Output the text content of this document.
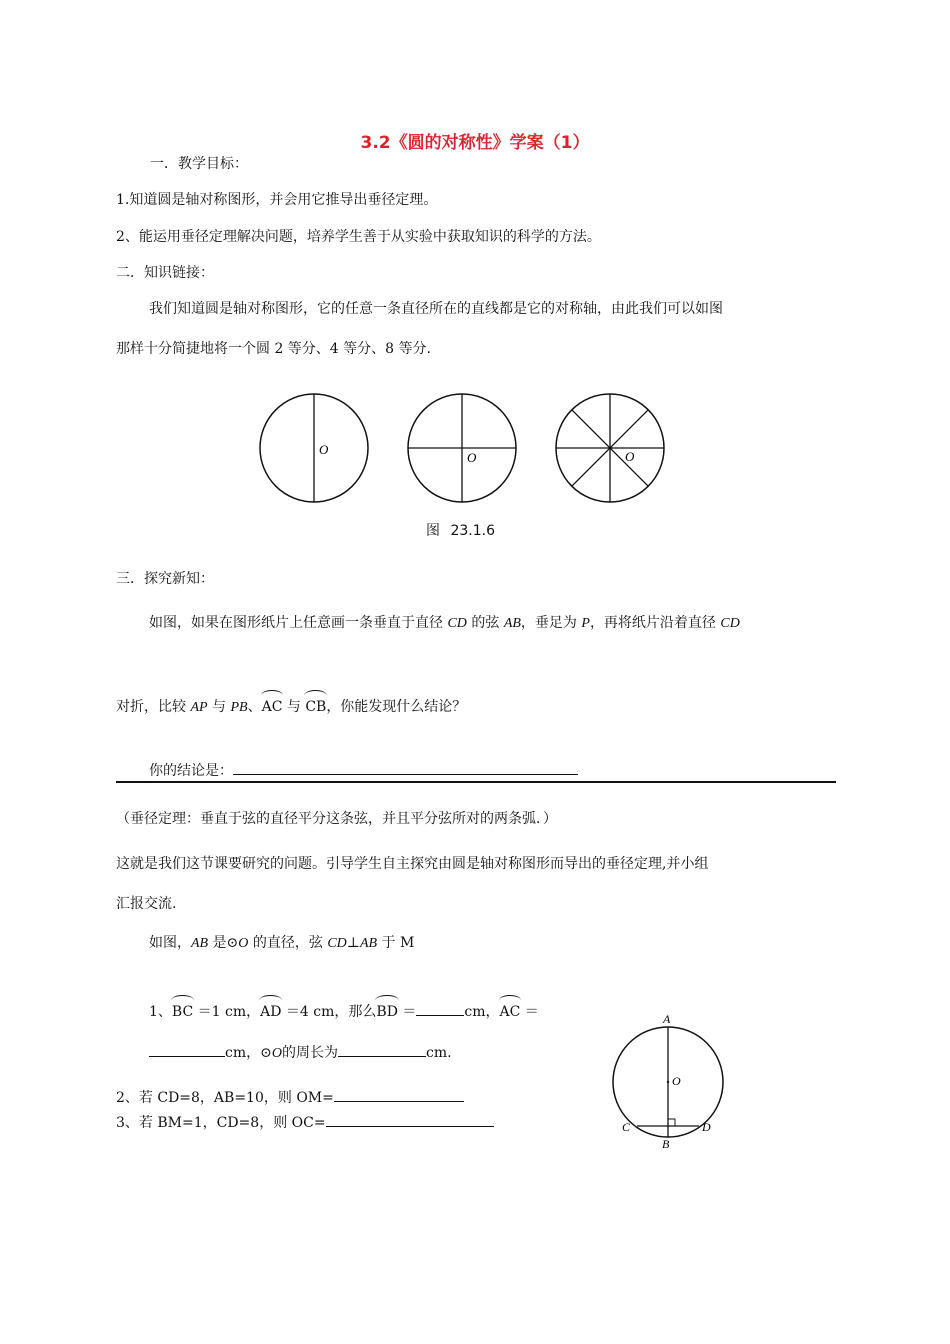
3.2《圆的对称性》学案（1）
一．教学目标：
1.知道圆是轴对称图形，并会用它推导出垂径定理。
2、能运用垂径定理解决问题，培养学生善于从实验中获取知识的科学的方法。
二．知识链接：
我们知道圆是轴对称图形，它的任意一条直径所在的直线都是它的对称轴，由此我们可以如图
那样十分简捷地将一个圆 2 等分、4 等分、8 等分.
O
O	O
图 23.1.6
三．探究新知：
如图，如果在图形纸片上任意画一条垂直于直径 CD 的弦 AB，垂足为 P，再将纸片沿着直径 CD
对折，比较 AP 与 PB、AC 与 CB，你能发现什么结论？
你的结论是：
（垂径定理：垂直于弦的直径平分这条弦，并且平分弦所对的两条弧．）
这就是我们这节课要研究的问题。引导学生自主探究由圆是轴对称图形而导出的垂径定理,并小组
汇报交流.
如图，AB 是⊙O 的直径，弦 CD⊥AB 于 M
1、BC ＝1 cm，AD ＝4 cm，那么BD ＝	cm，AC ＝
cm，⊙O的周长为	cm.
2、若 CD=8，AB=10，则 OM=
3、若 BM=1，CD=8，则 OC=
A
O
C
B
D
